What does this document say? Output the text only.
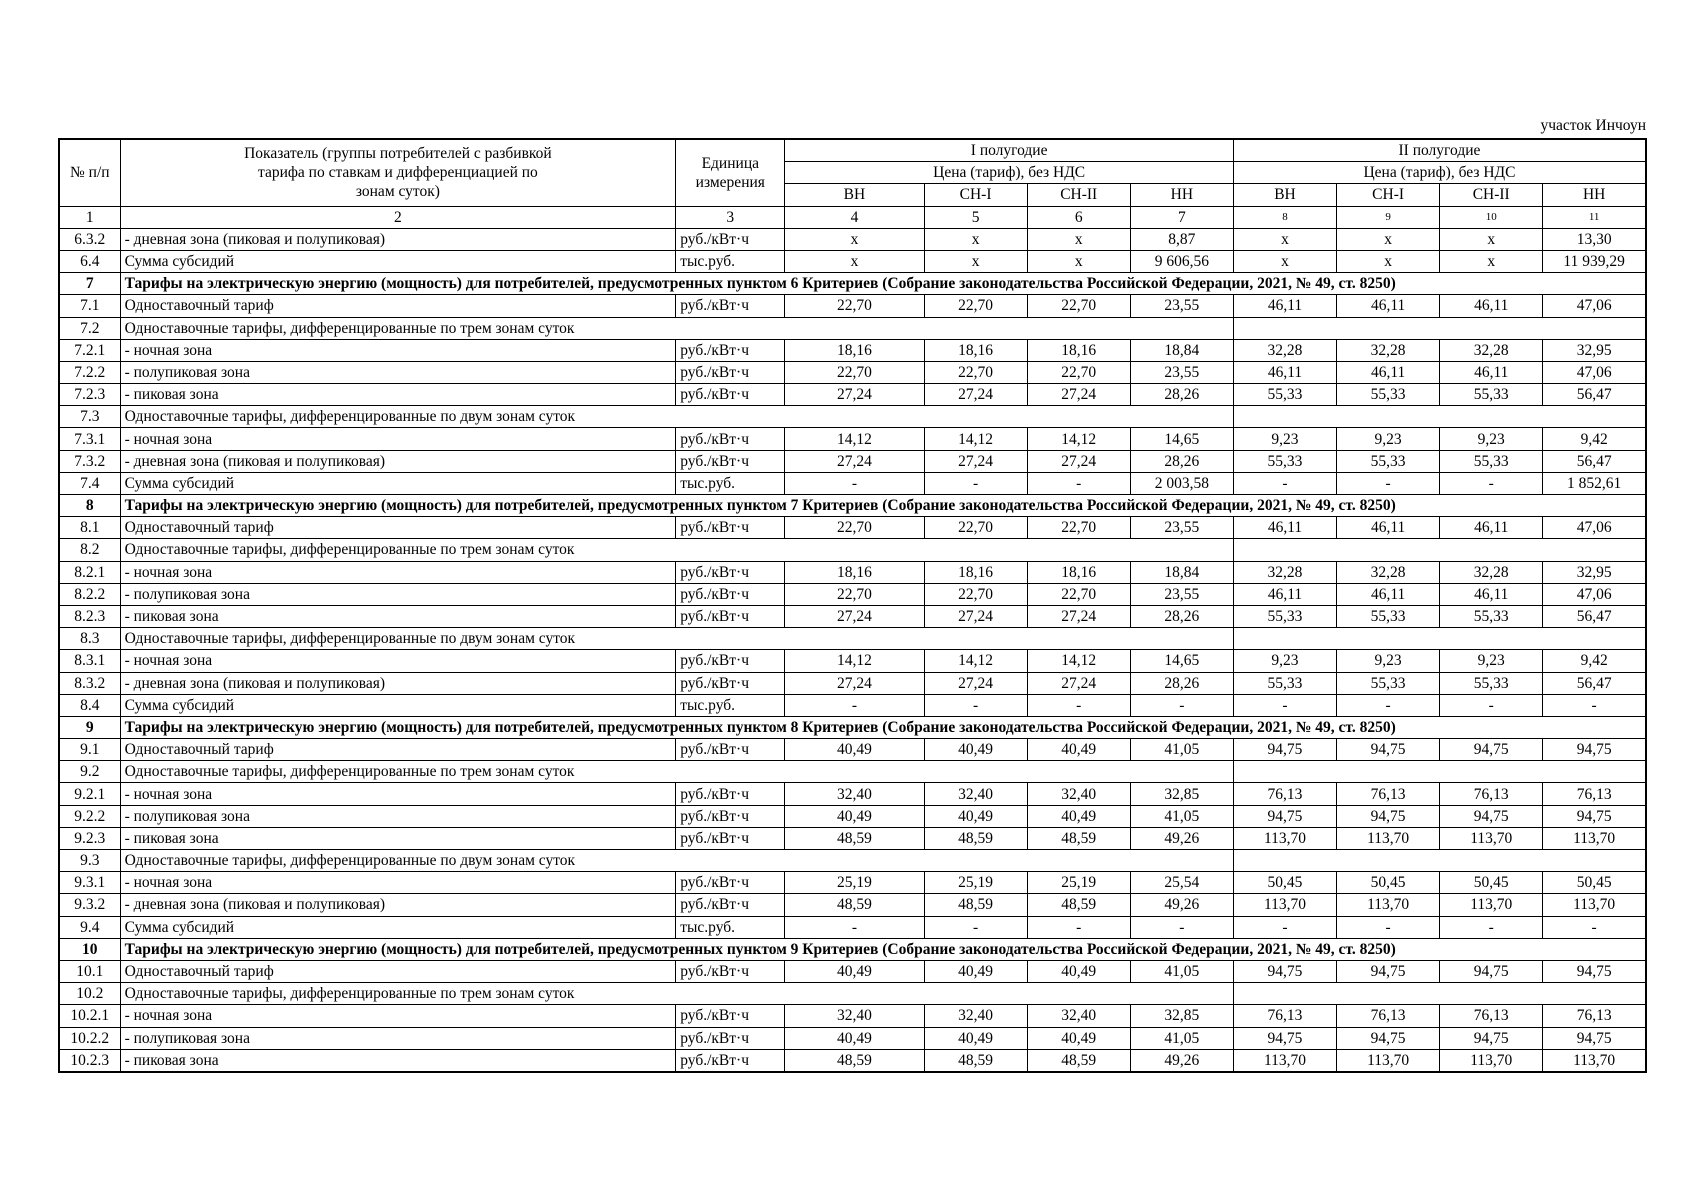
участок Инчоун
№ п/п	Показатель (группы потребителей с разбивкой тарифа по ставкам и дифференциацией по зонам суток)	Единица измерения	I полугодие				II полугодие			
			Цена (тариф), без НДС				Цена (тариф), без НДС			
			ВН	СН-I	СН-II	НН	ВН	СН-I	СН-II	НН
1	2	3	4	5	6	7	8	9	10	11
6.3.2	- дневная зона (пиковая и полупиковая)	руб./кВт·ч	x	x	x	8,87	x	x	x	13,30
6.4	Сумма субсидий	тыс.руб.	x	x	x	9 606,56	x	x	x	11 939,29
7	Тарифы на электрическую энергию (мощность) для потребителей, предусмотренных пунктом 6 Критериев (Собрание законодательства Российской Федерации, 2021, № 49, ст. 8250)									
7.1	Одноставочный тариф	руб./кВт·ч	22,70	22,70	22,70	23,55	46,11	46,11	46,11	47,06
7.2	Одноставочные тарифы, дифференцированные по трем зонам суток									
7.2.1	- ночная зона	руб./кВт·ч	18,16	18,16	18,16	18,84	32,28	32,28	32,28	32,95
7.2.2	- полупиковая зона	руб./кВт·ч	22,70	22,70	22,70	23,55	46,11	46,11	46,11	47,06
7.2.3	- пиковая зона	руб./кВт·ч	27,24	27,24	27,24	28,26	55,33	55,33	55,33	56,47
7.3	Одноставочные тарифы, дифференцированные по двум зонам суток									
7.3.1	- ночная зона	руб./кВт·ч	14,12	14,12	14,12	14,65	9,23	9,23	9,23	9,42
7.3.2	- дневная зона (пиковая и полупиковая)	руб./кВт·ч	27,24	27,24	27,24	28,26	55,33	55,33	55,33	56,47
7.4	Сумма субсидий	тыс.руб.	-	-	-	2 003,58	-	-	-	1 852,61
8	Тарифы на электрическую энергию (мощность) для потребителей, предусмотренных пунктом 7 Критериев (Собрание законодательства Российской Федерации, 2021, № 49, ст. 8250)									
8.1	Одноставочный тариф	руб./кВт·ч	22,70	22,70	22,70	23,55	46,11	46,11	46,11	47,06
8.2	Одноставочные тарифы, дифференцированные по трем зонам суток									
8.2.1	- ночная зона	руб./кВт·ч	18,16	18,16	18,16	18,84	32,28	32,28	32,28	32,95
8.2.2	- полупиковая зона	руб./кВт·ч	22,70	22,70	22,70	23,55	46,11	46,11	46,11	47,06
8.2.3	- пиковая зона	руб./кВт·ч	27,24	27,24	27,24	28,26	55,33	55,33	55,33	56,47
8.3	Одноставочные тарифы, дифференцированные по двум зонам суток									
8.3.1	- ночная зона	руб./кВт·ч	14,12	14,12	14,12	14,65	9,23	9,23	9,23	9,42
8.3.2	- дневная зона (пиковая и полупиковая)	руб./кВт·ч	27,24	27,24	27,24	28,26	55,33	55,33	55,33	56,47
8.4	Сумма субсидий	тыс.руб.	-	-	-	-	-	-	-	-
9	Тарифы на электрическую энергию (мощность) для потребителей, предусмотренных пунктом 8 Критериев (Собрание законодательства Российской Федерации, 2021, № 49, ст. 8250)									
9.1	Одноставочный тариф	руб./кВт·ч	40,49	40,49	40,49	41,05	94,75	94,75	94,75	94,75
9.2	Одноставочные тарифы, дифференцированные по трем зонам суток									
9.2.1	- ночная зона	руб./кВт·ч	32,40	32,40	32,40	32,85	76,13	76,13	76,13	76,13
9.2.2	- полупиковая зона	руб./кВт·ч	40,49	40,49	40,49	41,05	94,75	94,75	94,75	94,75
9.2.3	- пиковая зона	руб./кВт·ч	48,59	48,59	48,59	49,26	113,70	113,70	113,70	113,70
9.3	Одноставочные тарифы, дифференцированные по двум зонам суток									
9.3.1	- ночная зона	руб./кВт·ч	25,19	25,19	25,19	25,54	50,45	50,45	50,45	50,45
9.3.2	- дневная зона (пиковая и полупиковая)	руб./кВт·ч	48,59	48,59	48,59	49,26	113,70	113,70	113,70	113,70
9.4	Сумма субсидий	тыс.руб.	-	-	-	-	-	-	-	-
10	Тарифы на электрическую энергию (мощность) для потребителей, предусмотренных пунктом 9 Критериев (Собрание законодательства Российской Федерации, 2021, № 49, ст. 8250)									
10.1	Одноставочный тариф	руб./кВт·ч	40,49	40,49	40,49	41,05	94,75	94,75	94,75	94,75
10.2	Одноставочные тарифы, дифференцированные по трем зонам суток									
10.2.1	- ночная зона	руб./кВт·ч	32,40	32,40	32,40	32,85	76,13	76,13	76,13	76,13
10.2.2	- полупиковая зона	руб./кВт·ч	40,49	40,49	40,49	41,05	94,75	94,75	94,75	94,75
10.2.3	- пиковая зона	руб./кВт·ч	48,59	48,59	48,59	49,26	113,70	113,70	113,70	113,70
